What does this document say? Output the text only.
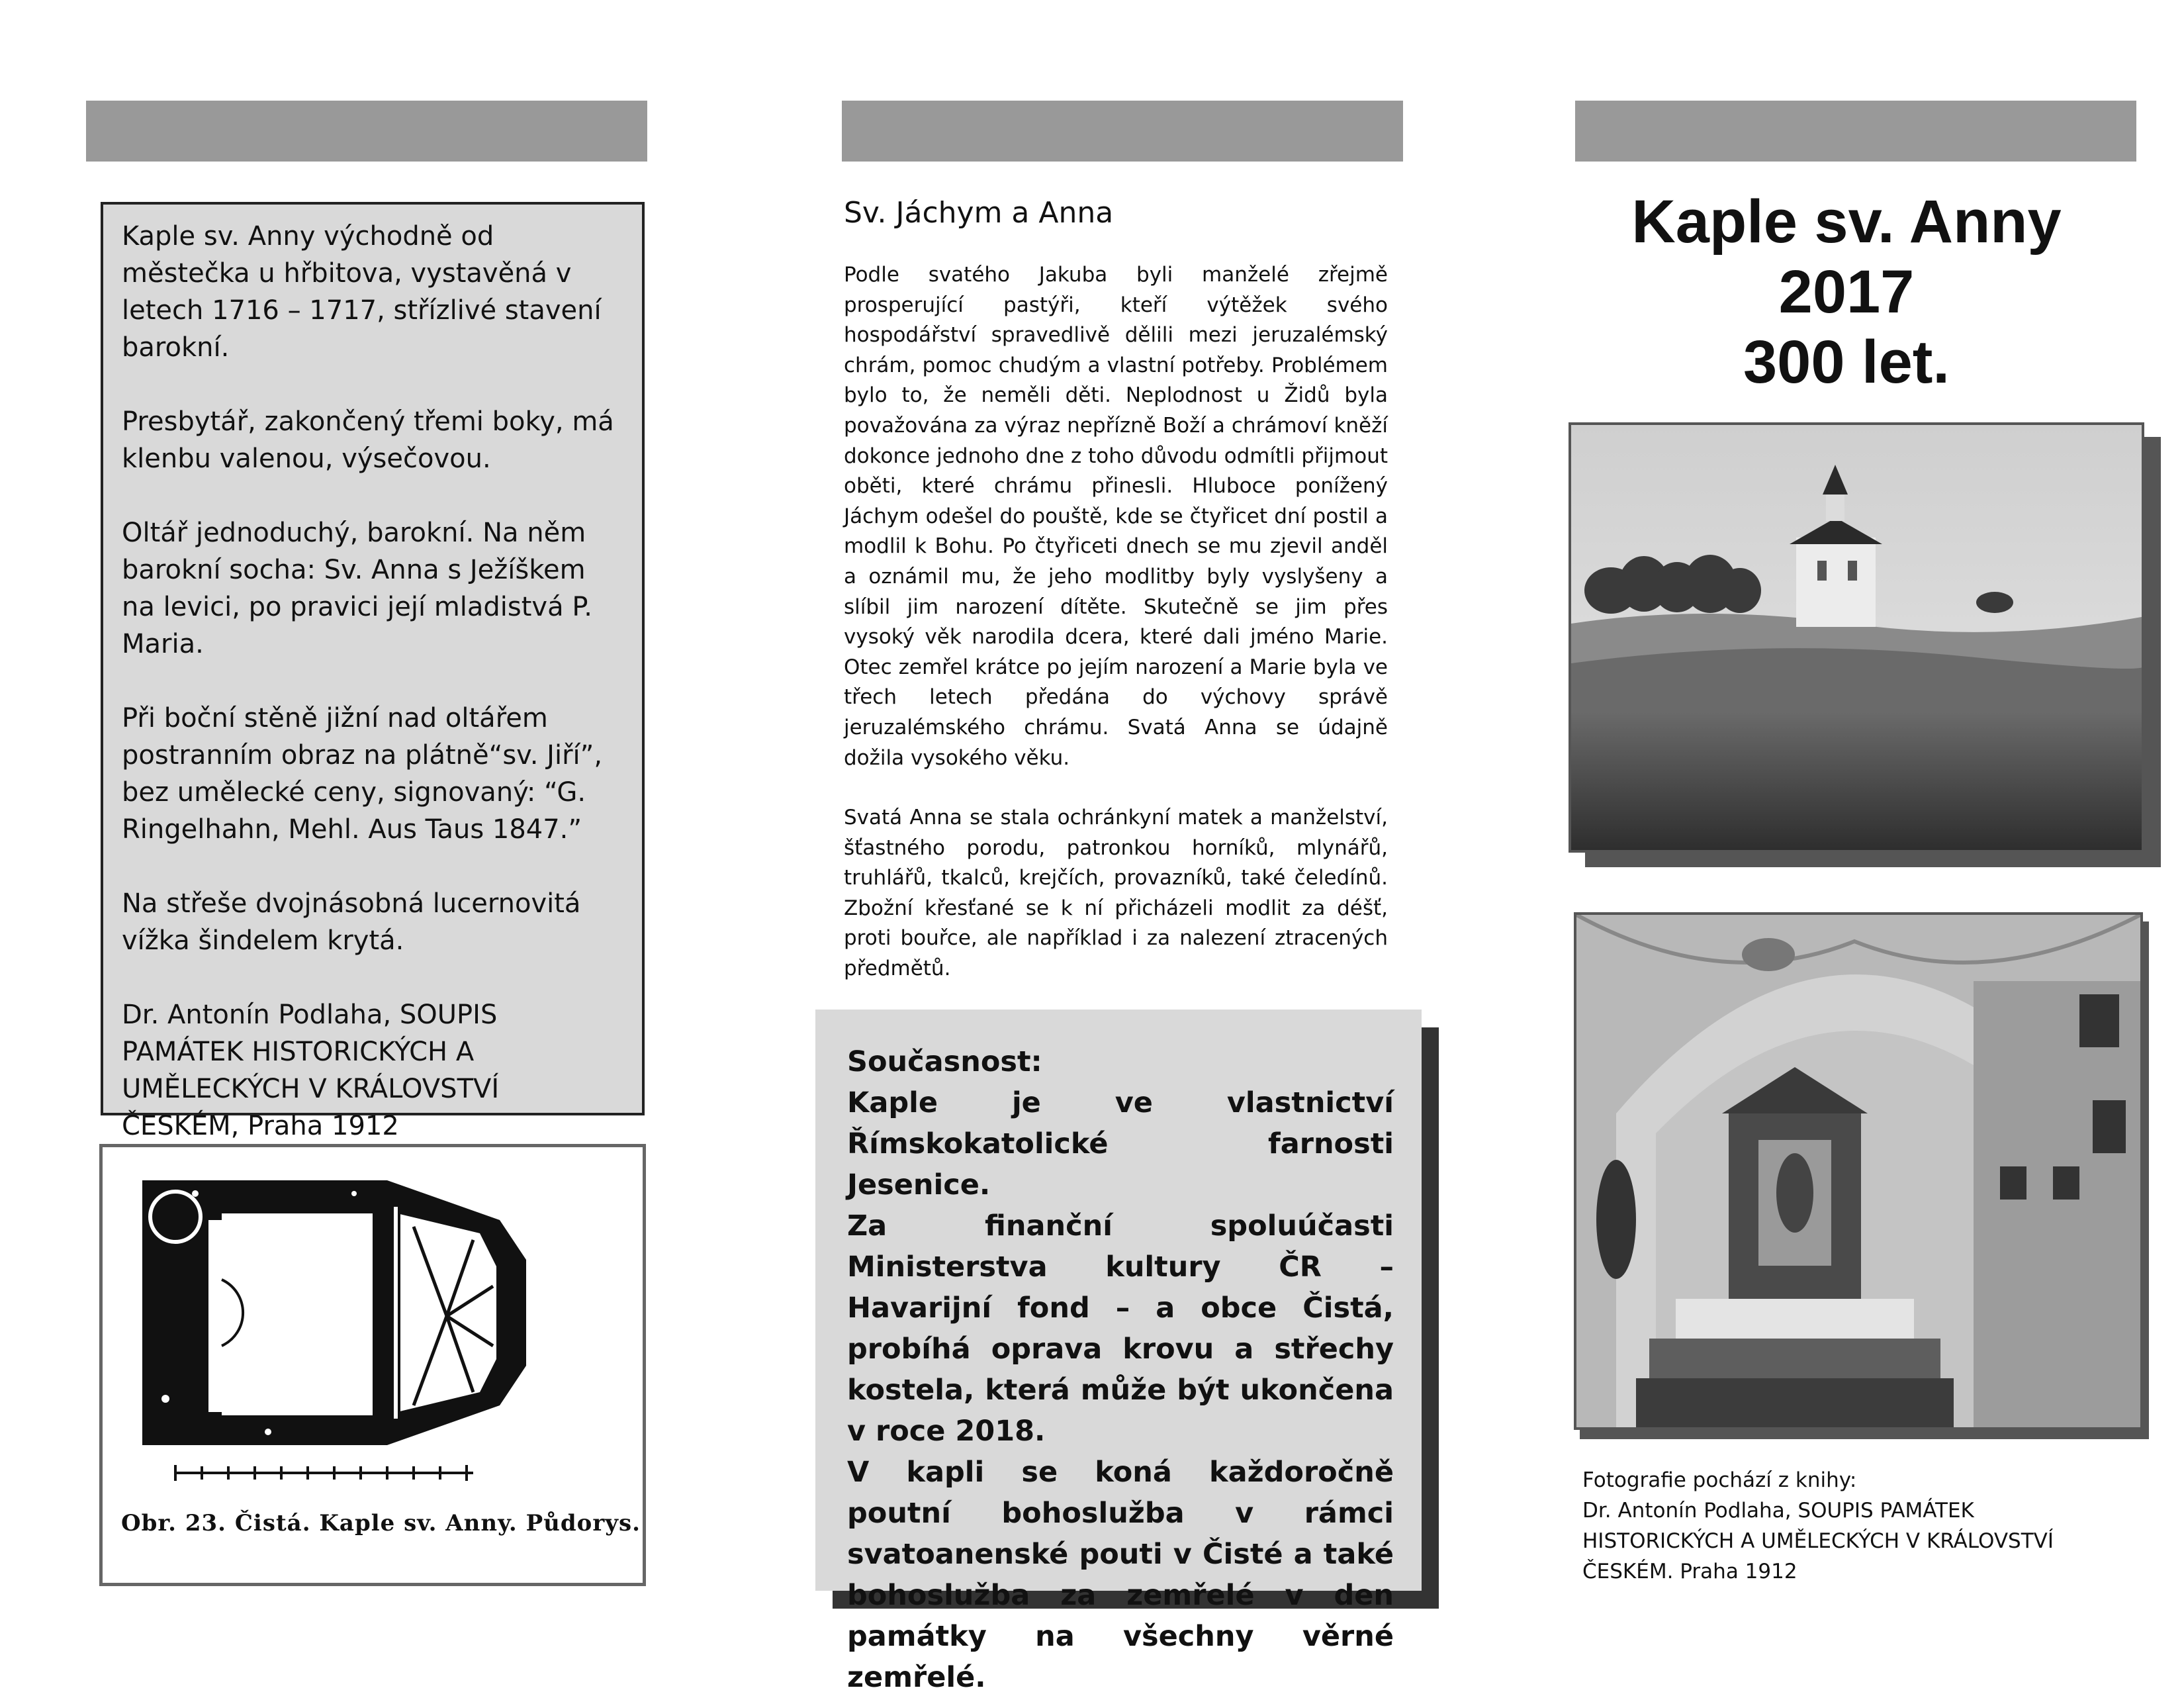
Kaple sv. Anny východně od městečka u hřbitova, vystavěná v letech 1716 – 1717, střízlivé stavení barokní.

Presbytář, zakončený třemi boky, má klenbu valenou, výsečovou.

Oltář jednoduchý, barokní. Na něm barokní socha: Sv. Anna s Ježíškem na levici, po pravici její mladistvá P. Maria.

Při boční stěně jižní nad oltářem postranním obraz na plátně“sv. Jiří”, bez umělecké ceny, signovaný: “G. Ringelhahn, Mehl. Aus Taus 1847.”

Na střeše dvojnásobná lucernovitá vížka šindelem krytá.

Dr. Antonín Podlaha, SOUPIS PAMÁTEK HISTORICKÝCH A UMĚLECKÝCH V KRÁLOVSTVÍ ČESKÉM, Praha 1912

Obr. 23. Čistá. Kaple sv. Anny. Půdorys.
Sv. Jáchym a Anna

Podle svatého Jakuba byli manželé zřejmě prosperující pastýři, kteří výtěžek svého hospodářství spravedlivě dělili mezi jeruzalémský chrám, pomoc chudým a vlastní potřeby. Problémem bylo to, že neměli děti. Neplodnost u Židů byla považována za výraz nepřízně Boží a chrámoví kněží dokonce jednoho dne z toho důvodu odmítli přijmout oběti, které chrámu přinesli. Hluboce ponížený Jáchym odešel do pouště, kde se čtyřicet dní postil a modlil k Bohu. Po čtyřiceti dnech se mu zjevil anděl a oznámil mu, že jeho modlitby byly vyslyšeny a slíbil jim narození dítěte. Skutečně se jim přes vysoký věk narodila dcera, které dali jméno Marie. Otec zemřel krátce po jejím narození a Marie byla ve třech letech předána do výchovy správě jeruzalémského chrámu. Svatá Anna se údajně dožila vysokého věku.

Svatá Anna se stala ochránkyní matek a manželství, šťastného porodu, patronkou horníků, mlynářů, truhlářů, tkalců, krejčích, provazníků, také čeledínů. Zbožní křesťané se k ní přicházeli modlit za déšť, proti bouřce, ale například i za nalezení ztracených předmětů.

Současnost:

Kaple je ve vlastnictví Římskokatolické farnosti Jesenice.

Za finanční spoluúčasti Ministerstva kultury ČR – Havarijní fond – a obce Čistá, probíhá oprava krovu a střechy kostela, která může být ukončena v roce 2018.

V kapli se koná každoročně poutní bohoslužba v rámci svatoanenské pouti v Čisté a také bohoslužba za zemřelé v den památky na všechny věrné zemřelé.

Kaple sv. Anny
2017
300 let.
Fotografie pochází z knihy:
Dr. Antonín Podlaha, SOUPIS PAMÁTEK HISTORICKÝCH A UMĚLECKÝCH V KRÁLOVSTVÍ ČESKÉM. Praha 1912
